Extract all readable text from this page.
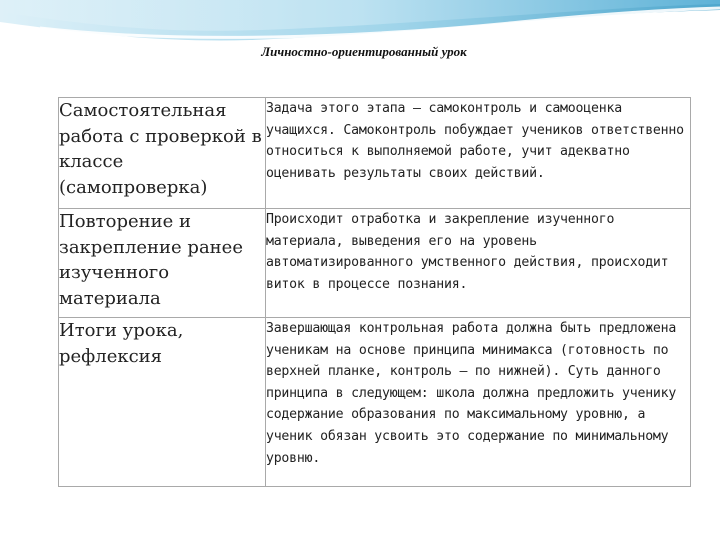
Личностно-ориентированный урок
Самостоятельная работа с проверкой в классе (самопроверка)	Задача этого этапа – самоконтроль и самооценка учащихся. Самоконтроль побуждает учеников ответственно относиться к выполняемой работе, учит адекватно оценивать результаты своих действий.
Повторение и закрепление ранее изученного материала	Происходит отработка и закрепление изученного материала, выведения его на уровень автоматизированного умственного действия, происходит виток в процессе познания.
Итоги урока, рефлексия	Завершающая контрольная работа должна быть предложена ученикам на основе принципа минимакса (готовность по верхней планке, контроль – по нижней). Суть данного принципа в следующем: школа должна предложить ученику содержание образования по максимальному уровню, а ученик обязан усвоить это содержание по минимальному уровню.
